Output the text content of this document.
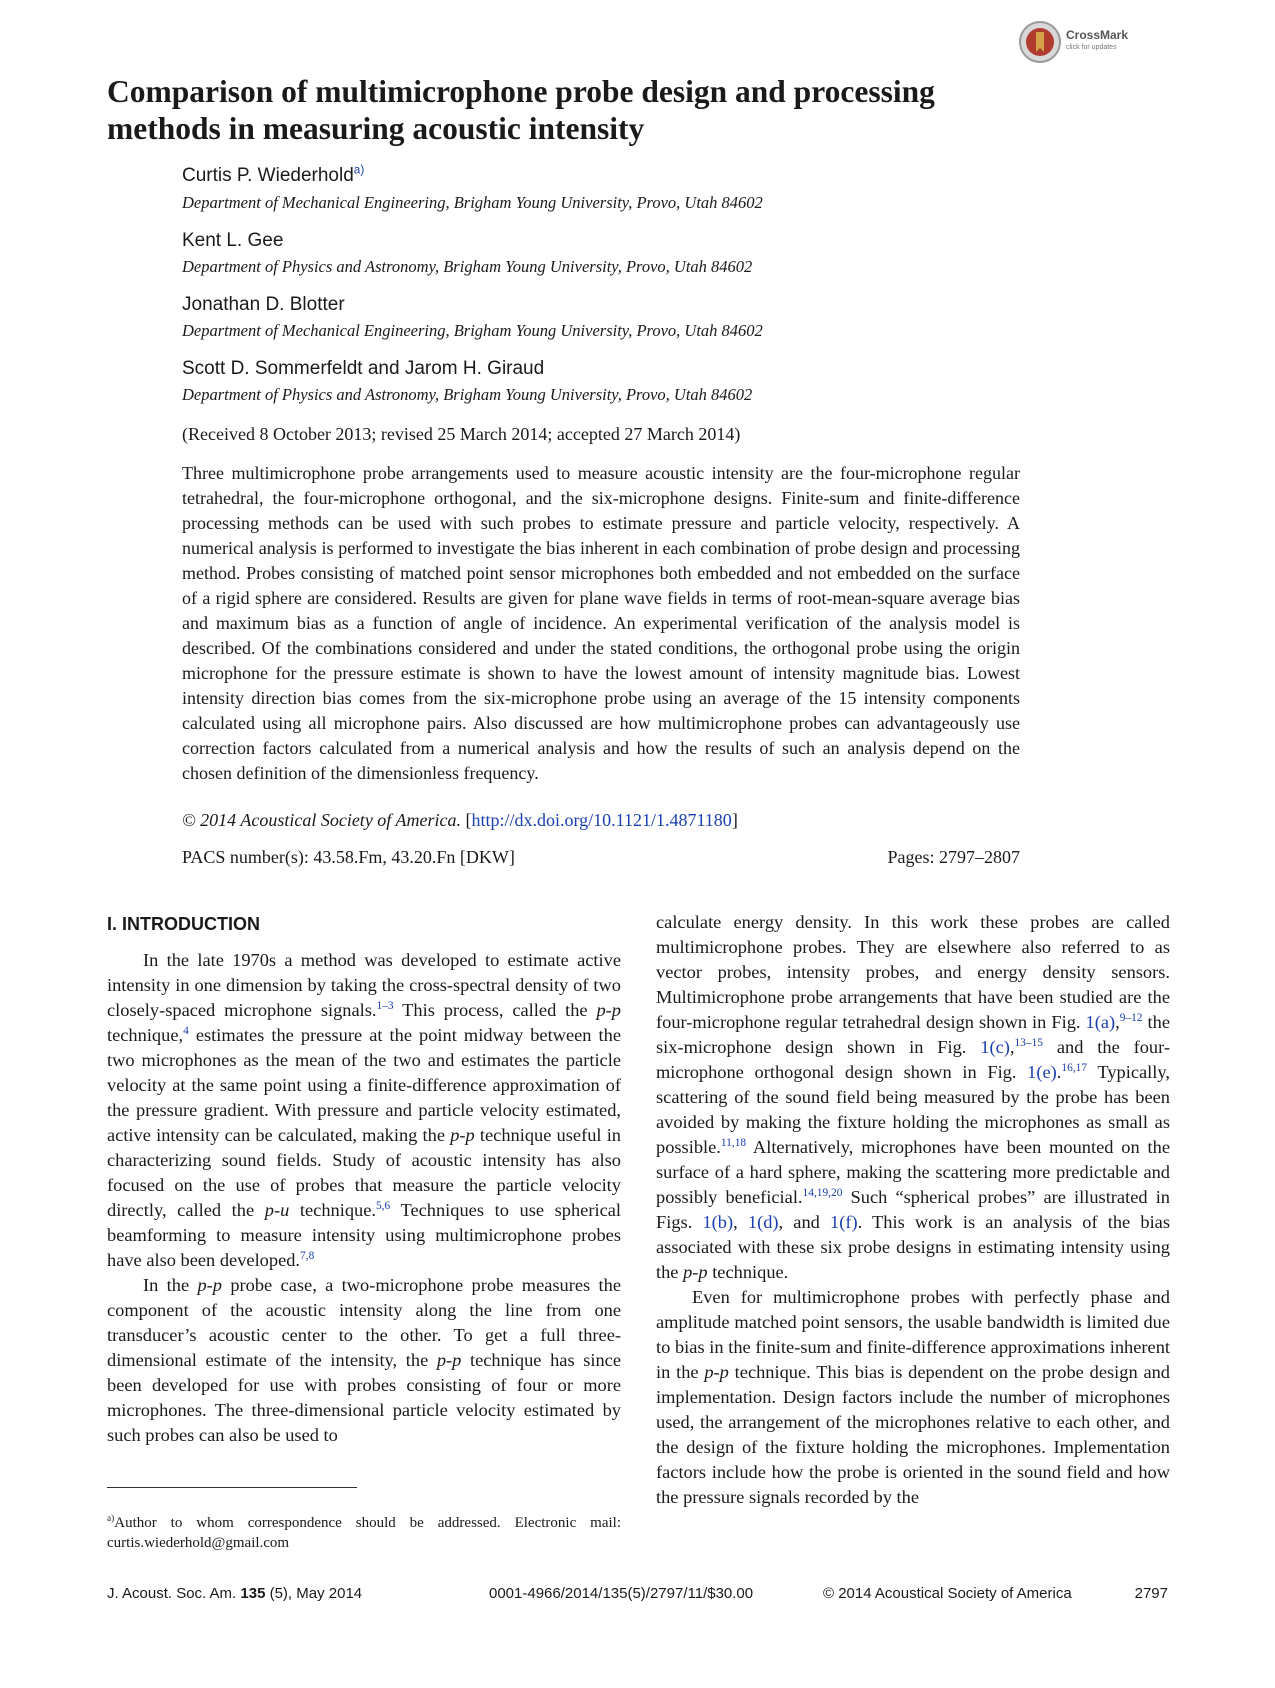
CrossMark
click for updates
Comparison of multimicrophone probe design and processing
methods in measuring acoustic intensity
Curtis P. Wiederhold$^{a)}$
Department of Mechanical Engineering, Brigham Young University, Provo, Utah 84602
Kent L. Gee
Department of Physics and Astronomy, Brigham Young University, Provo, Utah 84602
Jonathan D. Blotter
Department of Mechanical Engineering, Brigham Young University, Provo, Utah 84602
Scott D. Sommerfeldt and Jarom H. Giraud
Department of Physics and Astronomy, Brigham Young University, Provo, Utah 84602
(Received 8 October 2013; revised 25 March 2014; accepted 27 March 2014)
Three multimicrophone probe arrangements used to measure acoustic intensity are the four-microphone regular tetrahedral, the four-microphone orthogonal, and the six-microphone designs. Finite-sum and finite-difference processing methods can be used with such probes to estimate pressure and particle velocity, respectively. A numerical analysis is performed to investigate the bias inherent in each combination of probe design and processing method. Probes consisting of matched point sensor microphones both embedded and not embedded on the surface of a rigid sphere are considered. Results are given for plane wave fields in terms of root-mean-square average bias and maximum bias as a function of angle of incidence. An experimental verification of the analysis model is described. Of the combinations considered and under the stated conditions, the orthogonal probe using the origin microphone for the pressure estimate is shown to have the lowest amount of intensity magnitude bias. Lowest intensity direction bias comes from the six-microphone probe using an average of the 15 intensity components calculated using all microphone pairs. Also discussed are how multimicrophone probes can advantageously use correction factors calculated from a numerical analysis and how the results of such an analysis depend on the chosen definition of the dimensionless frequency.
© 2014 Acoustical Society of America. [http://dx.doi.org/10.1121/1.4871180]
PACS number(s): 43.58.Fm, 43.20.Fn [DKW]	Pages: 2797–2807
I. INTRODUCTION

In the late 1970s a method was developed to estimate active intensity in one dimension by taking the cross-spectral density of two closely-spaced microphone signals.$^{1-3}$ This process, called the p-p technique,$^4$ estimates the pressure at the point midway between the two microphones as the mean of the two and estimates the particle velocity at the same point using a finite-difference approximation of the pressure gradient. With pressure and particle velocity estimated, active intensity can be calculated, making the p-p technique useful in characterizing sound fields. Study of acoustic intensity has also focused on the use of probes that measure the particle velocity directly, called the p-u technique.$^{5,6}$ Techniques to use spherical beamforming to measure intensity using multimicrophone probes have also been developed.$^{7,8}$

In the p-p probe case, a two-microphone probe measures the component of the acoustic intensity along the line from one transducer’s acoustic center to the other. To get a full three-dimensional estimate of the intensity, the p-p technique has since been developed for use with probes consisting of four or more microphones. The three-dimensional particle velocity estimated by such probes can also be used to

calculate energy density. In this work these probes are called multimicrophone probes. They are elsewhere also referred to as vector probes, intensity probes, and energy density sensors. Multimicrophone probe arrangements that have been studied are the four-microphone regular tetrahedral design shown in Fig. 1(a),$^{9-12}$ the six-microphone design shown in Fig. 1(c),$^{13-15}$ and the four-microphone orthogonal design shown in Fig. 1(e).$^{16,17}$ Typically, scattering of the sound field being measured by the probe has been avoided by making the fixture holding the microphones as small as possible.$^{11,18}$ Alternatively, microphones have been mounted on the surface of a hard sphere, making the scattering more predictable and possibly beneficial.$^{14,19,20}$ Such “spherical probes” are illustrated in Figs. 1(b), 1(d), and 1(f). This work is an analysis of the bias associated with these six probe designs in estimating intensity using the p-p technique.

Even for multimicrophone probes with perfectly phase and amplitude matched point sensors, the usable bandwidth is limited due to bias in the finite-sum and finite-difference approximations inherent in the p-p technique. This bias is dependent on the probe design and implementation. Design factors include the number of microphones used, the arrangement of the microphones relative to each other, and the design of the fixture holding the microphones. Implementation factors include how the probe is oriented in the sound field and how the pressure signals recorded by the

$^{a)}$Author to whom correspondence should be addressed. Electronic mail: curtis.wiederhold@gmail.com
J. Acoust. Soc. Am. 135 (5), May 2014	0001-4966/2014/135(5)/2797/11/$30.00	© 2014 Acoustical Society of America	2797
